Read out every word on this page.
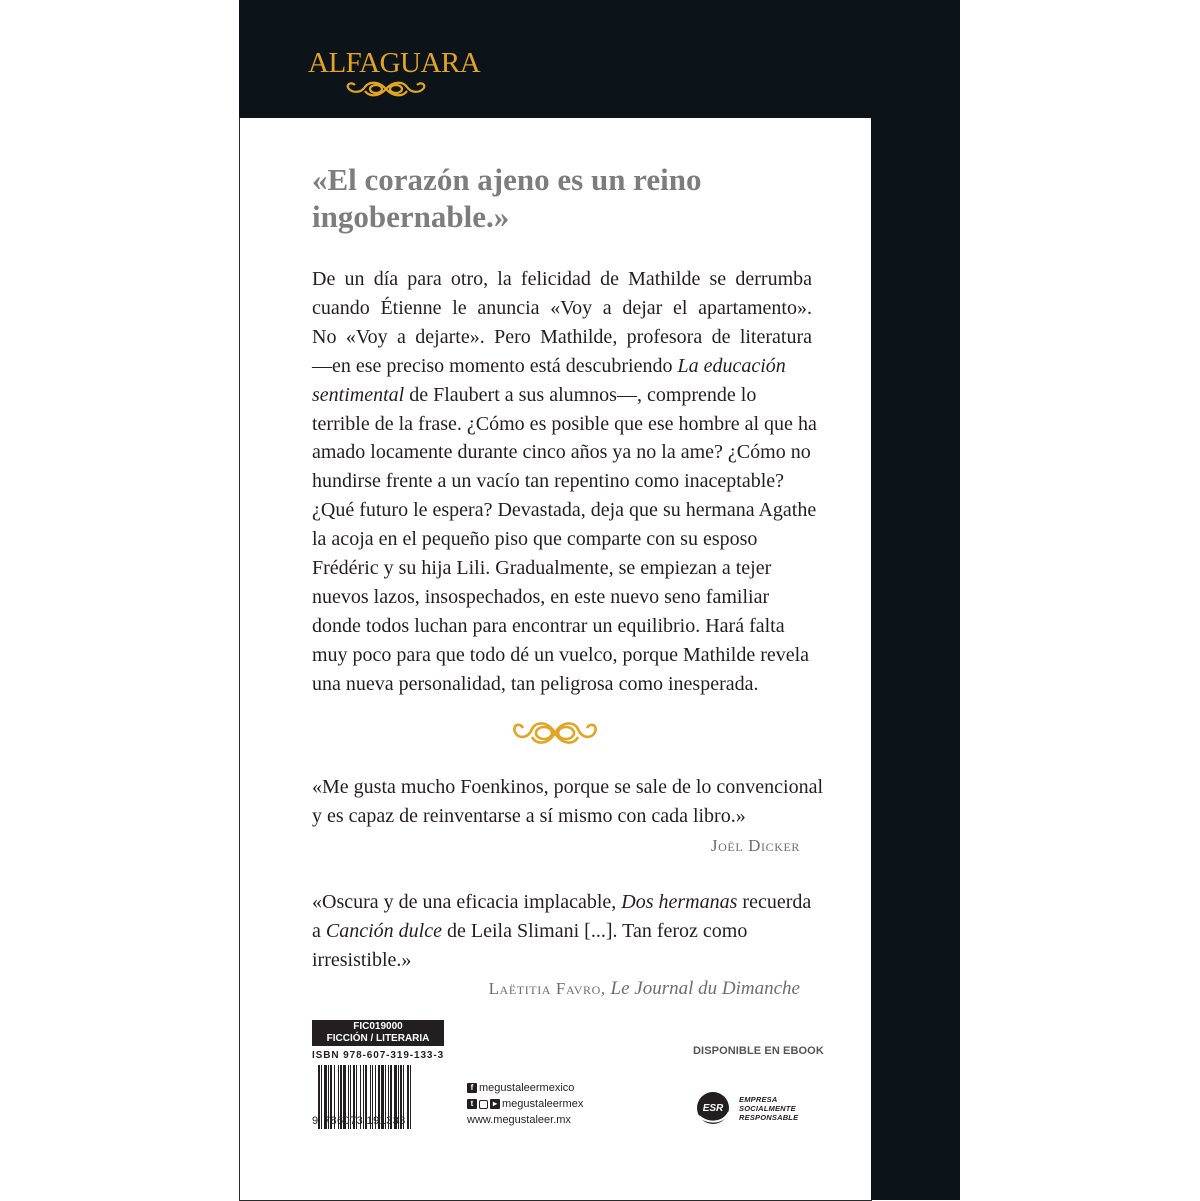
ALFAGUARA
«El corazón ajeno es un reino
ingobernable.»
De un día para otro, la felicidad de Mathilde se derrumba
cuando Étienne le anuncia «Voy a dejar el apartamento».
No «Voy a dejarte». Pero Mathilde, profesora de literatura
—en ese preciso momento está descubriendo La educación
sentimental de Flaubert a sus alumnos—, comprende lo
terrible de la frase. ¿Cómo es posible que ese hombre al que ha
amado locamente durante cinco años ya no la ame? ¿Cómo no
hundirse frente a un vacío tan repentino como inaceptable?
¿Qué futuro le espera? Devastada, deja que su hermana Agathe
la acoja en el pequeño piso que comparte con su esposo
Frédéric y su hija Lili. Gradualmente, se empiezan a tejer
nuevos lazos, insospechados, en este nuevo seno familiar
donde todos luchan para encontrar un equilibrio. Hará falta
muy poco para que todo dé un vuelco, porque Mathilde revela
una nueva personalidad, tan peligrosa como inesperada.
«Me gusta mucho Foenkinos, porque se sale de lo convencional
y es capaz de reinventarse a sí mismo con cada libro.»
Joël Dicker
«Oscura y de una eficacia implacable, Dos hermanas recuerda
a Canción dulce de Leila Slimani [...]. Tan feroz como
irresistible.»
Laëtitia Favro, Le Journal du Dimanche
FIC019000
FICCIÓN / LITERARIA
ISBN 978-607-319-133-3
9 786073 191333
f megustaleermexico
t	▸ megustaleermex
www.megustaleer.mx
DISPONIBLE EN EBOOK
ESR
EMPRESA
SOCIALMENTE
RESPONSABLE
